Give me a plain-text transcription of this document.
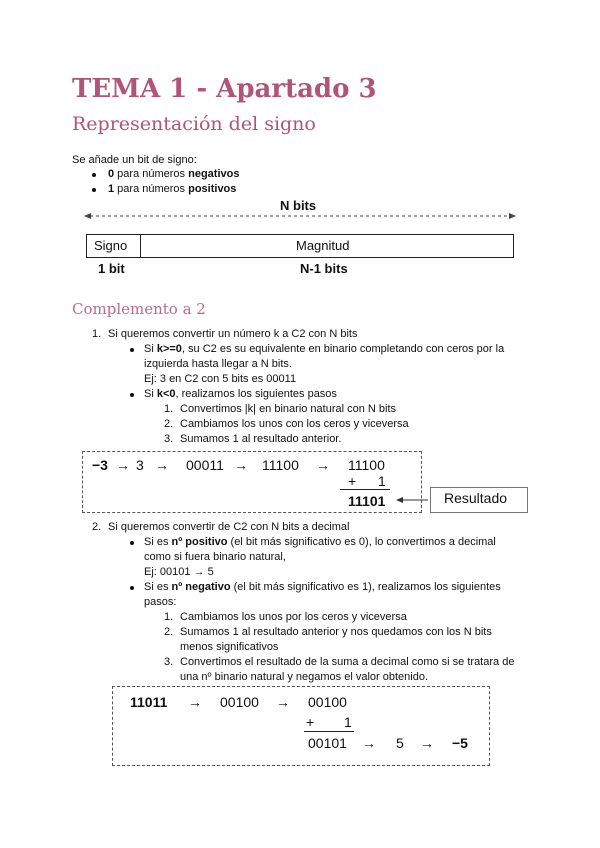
TEMA 1 - Apartado 3
Representación del signo
Se añade un bit de signo:
0 para números negativos
1 para números positivos
N bits
Signo	Magnitud
1 bit	N-1 bits
Complemento a 2
1. Si queremos convertir un número k a C2 con N bits
Si k>=0, su C2 es su equivalente en binario completando con ceros por la
izquierda hasta llegar a N bits.
Ej: 3 en C2 con 5 bits es 00011
Si k<0, realizamos los siguientes pasos
1. Convertimos |k| en binario natural con N bits
2. Cambiamos los unos con los ceros y viceversa
3. Sumamos 1 al resultado anterior.
−3 → 3 → 00011 → 11100 → 11100
+ 1
11101	Resultado
2. Si queremos convertir de C2 con N bits a decimal
Si es nº positivo (el bit más significativo es 0), lo convertimos a decimal
como si fuera binario natural,
Ej: 00101 → 5
Si es nº negativo (el bit más significativo es 1), realizamos los siguientes
pasos:
1. Cambiamos los unos por los ceros y viceversa
2. Sumamos 1 al resultado anterior y nos quedamos con los N bits
menos significativos
3. Convertimos el resultado de la suma a decimal como si se tratara de
una nº binario natural y negamos el valor obtenido.
11011 → 00100 → 00100
+ 1
00101 → 5 → −5
